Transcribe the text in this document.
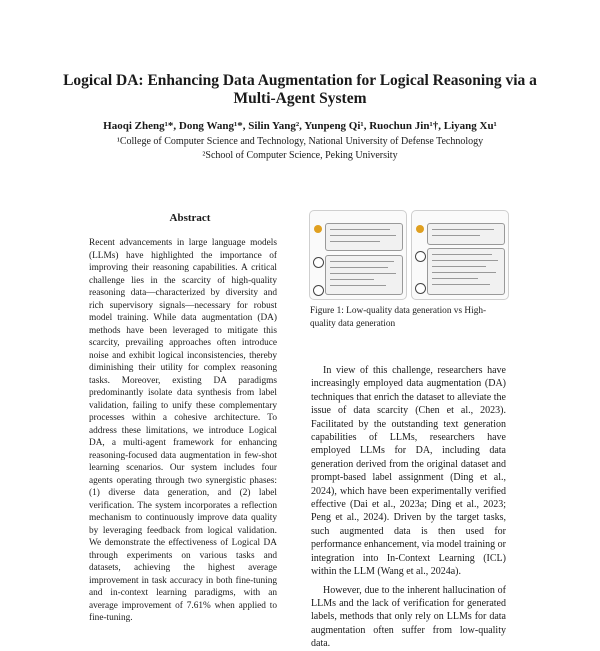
Logical DA: Enhancing Data Augmentation for Logical Reasoning via a
Multi-Agent System
Haoqi Zheng¹*, Dong Wang¹*, Silin Yang², Yunpeng Qi¹, Ruochun Jin¹†, Liyang Xu¹
¹College of Computer Science and Technology, National University of Defense Technology
²School of Computer Science, Peking University
Abstract
Recent advancements in large language models (LLMs) have highlighted the importance of improving their reasoning capabilities. A critical challenge lies in the scarcity of high-quality reasoning data—characterized by diversity and rich supervisory signals—necessary for robust model training. While data augmentation (DA) methods have been leveraged to mitigate this scarcity, prevailing approaches often introduce noise and exhibit logical inconsistencies, thereby diminishing their utility for complex reasoning tasks. Moreover, existing DA paradigms predominantly isolate data synthesis from label validation, failing to unify these complementary processes within a cohesive architecture. To address these limitations, we introduce Logical DA, a multi-agent framework for enhancing reasoning-focused data augmentation in few-shot learning scenarios. Our system includes four agents operating through two synergistic phases: (1) diverse data generation, and (2) label verification. The system incorporates a reflection mechanism to continuously improve data quality by leveraging feedback from logical validation. We demonstrate the effectiveness of Logical DA through experiments on various tasks and datasets, achieving the highest average improvement in task accuracy in both fine-tuning and in-context learning paradigms, with an average improvement of 7.61% when applied to fine-tuning.
Figure 1: Low-quality data generation vs High-quality data generation

In view of this challenge, researchers have increasingly employed data augmentation (DA) techniques that enrich the dataset to alleviate the issue of data scarcity (Chen et al., 2023). Facilitated by the outstanding text generation capabilities of LLMs, researchers have employed LLMs for DA, including data generation derived from the original dataset and prompt-based label assignment (Ding et al., 2024), which have been experimentally verified effective (Dai et al., 2023a; Ding et al., 2023; Peng et al., 2024). Driven by the target tasks, such augmented data is then used for performance enhancement, via model training or integration into In-Context Learning (ICL) within the LLM (Wang et al., 2024a).

However, due to the inherent hallucination of LLMs and the lack of verification for generated labels, methods that only rely on LLMs for data augmentation often suffer from low-quality data.
